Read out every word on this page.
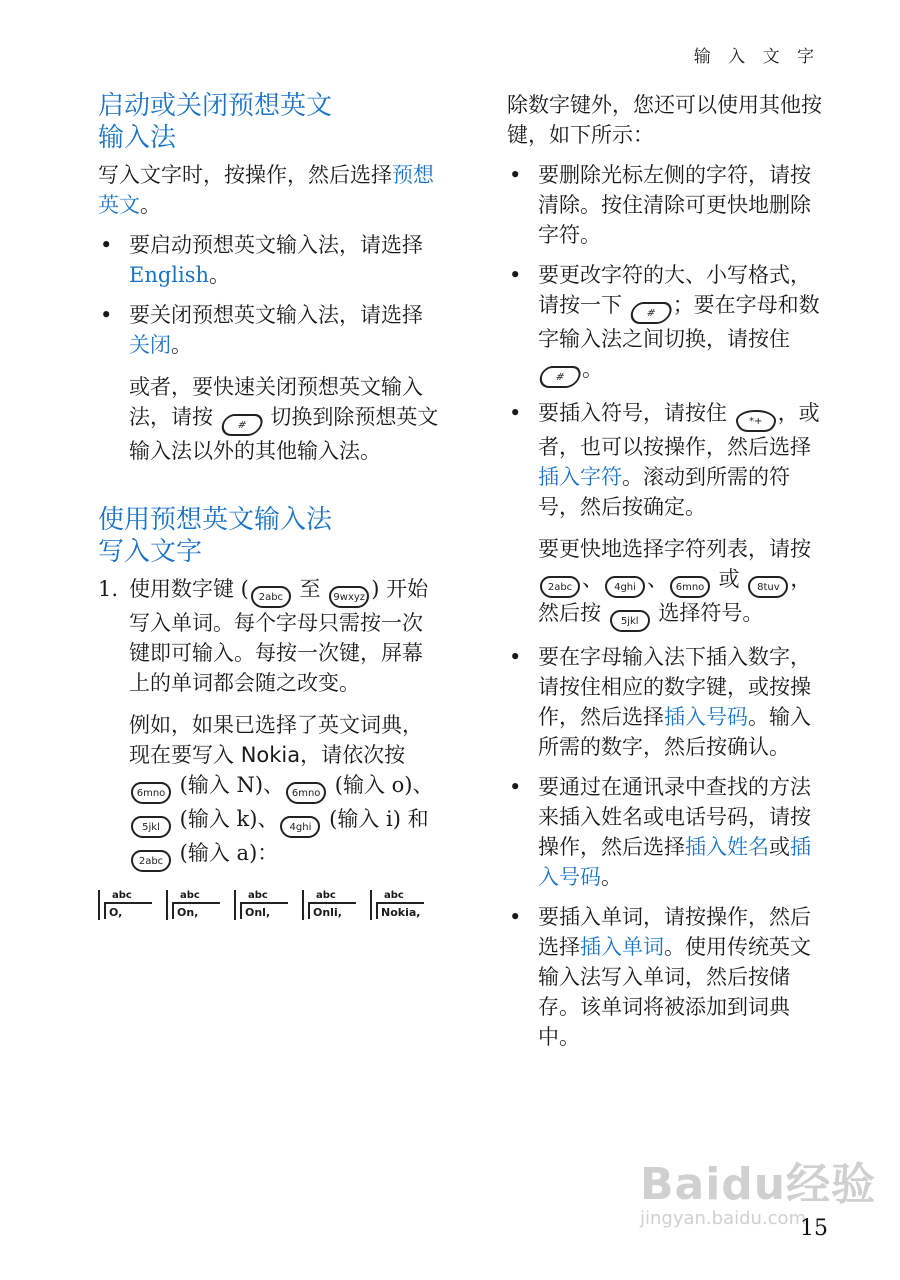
输 入 文 字
启动或关闭预想英文
输入法

写入文字时，按操作，然后选择预想英文。

• 要启动预想英文输入法，请选择 English。
• 要关闭预想英文输入法，请选择关闭。
或者，要快速关闭预想英文输入法，请按 # 切换到除预想英文输入法以外的其他输入法。
使用预想英文输入法
写入文字
1. 使用数字键 ( 2abc 至 9wxyz ) 开始写入单词。每个字母只需按一次键即可输入。每按一次键，屏幕上的单词都会随之改变。
例如，如果已选择了英文词典，现在要写入 Nokia，请依次按 6mno (输入 N)、 6mno (输入 o)、5jkl (输入 k)、 4ghi (输入 i) 和 2abc (输入 a)：
abc
O,
abc
On,
abc
Onl,
abc
Onli,
abc
Nokia,

除数字键外，您还可以使用其他按键，如下所示：

• 要删除光标左侧的字符，请按清除。按住清除可更快地删除字符。
• 要更改字符的大、小写格式，请按一下 # ；要在字母和数字输入法之间切换，请按住 # 。
• 要插入符号，请按住 *+ ，或者，也可以按操作，然后选择插入字符。滚动到所需的符号，然后按确定。
要更快地选择字符列表，请按 2abc 、 4ghi 、 6mno 或 8tuv ，然后按 5jkl 选择符号。
• 要在字母输入法下插入数字，请按住相应的数字键，或按操作，然后选择插入号码。输入所需的数字，然后按确认。
• 要通过在通讯录中查找的方法来插入姓名或电话号码，请按操作，然后选择插入姓名或插入号码。
• 要插入单词，请按操作，然后选择插入单词。使用传统英文输入法写入单词，然后按储存。该单词将被添加到词典中。
Baidu经验
jingyan.baidu.com
15
